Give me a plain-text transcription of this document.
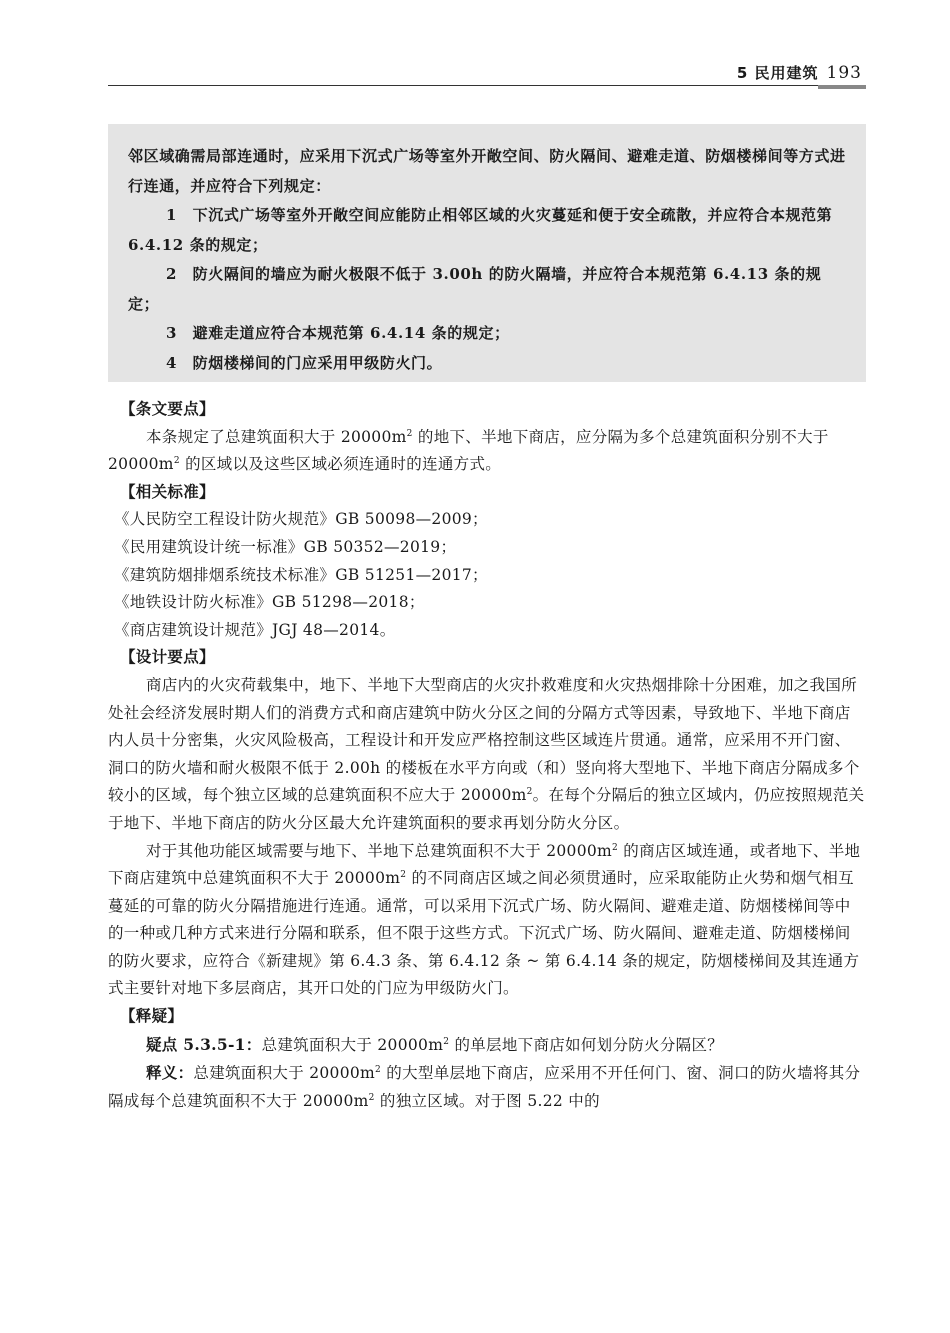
5 民用建筑 193

邻区域确需局部连通时，应采用下沉式广场等室外开敞空间、防火隔间、避难走道、防烟楼梯间等方式进行连通，并应符合下列规定：

1　下沉式广场等室外开敞空间应能防止相邻区域的火灾蔓延和便于安全疏散，并应符合本规范第 6.4.12 条的规定；

2　防火隔间的墙应为耐火极限不低于 3.00h 的防火隔墙，并应符合本规范第 6.4.13 条的规定；

3　避难走道应符合本规范第 6.4.14 条的规定；

4　防烟楼梯间的门应采用甲级防火门。

【条文要点】

本条规定了总建筑面积大于 $20000m^2$ 的地下、半地下商店，应分隔为多个总建筑面积分别不大于 $20000m^2$ 的区域以及这些区域必须连通时的连通方式。

【相关标准】

《人民防空工程设计防火规范》GB 50098—2009；

《民用建筑设计统一标准》GB 50352—2019；

《建筑防烟排烟系统技术标准》GB 51251—2017；

《地铁设计防火标准》GB 51298—2018；

《商店建筑设计规范》JGJ 48—2014。

【设计要点】

商店内的火灾荷载集中，地下、半地下大型商店的火灾扑救难度和火灾热烟排除十分困难，加之我国所处社会经济发展时期人们的消费方式和商店建筑中防火分区之间的分隔方式等因素，导致地下、半地下商店内人员十分密集，火灾风险极高，工程设计和开发应严格控制这些区域连片贯通。通常，应采用不开门窗、洞口的防火墙和耐火极限不低于 2.00h 的楼板在水平方向或（和）竖向将大型地下、半地下商店分隔成多个较小的区域，每个独立区域的总建筑面积不应大于 $20000m^2$。在每个分隔后的独立区域内，仍应按照规范关于地下、半地下商店的防火分区最大允许建筑面积的要求再划分防火分区。

对于其他功能区域需要与地下、半地下总建筑面积不大于 $20000m^2$ 的商店区域连通，或者地下、半地下商店建筑中总建筑面积不大于 $20000m^2$ 的不同商店区域之间必须贯通时，应采取能防止火势和烟气相互蔓延的可靠的防火分隔措施进行连通。通常，可以采用下沉式广场、防火隔间、避难走道、防烟楼梯间等中的一种或几种方式来进行分隔和联系，但不限于这些方式。下沉式广场、防火隔间、避难走道、防烟楼梯间的防火要求，应符合《新建规》第 6.4.3 条、第 6.4.12 条 ~ 第 6.4.14 条的规定，防烟楼梯间及其连通方式主要针对地下多层商店，其开口处的门应为甲级防火门。

【释疑】

疑点 5.3.5-1：总建筑面积大于 $20000m^2$ 的单层地下商店如何划分防火分隔区？

释义：总建筑面积大于 $20000m^2$ 的大型单层地下商店，应采用不开任何门、窗、洞口的防火墙将其分隔成每个总建筑面积不大于 $20000m^2$ 的独立区域。对于图 5.22 中的
